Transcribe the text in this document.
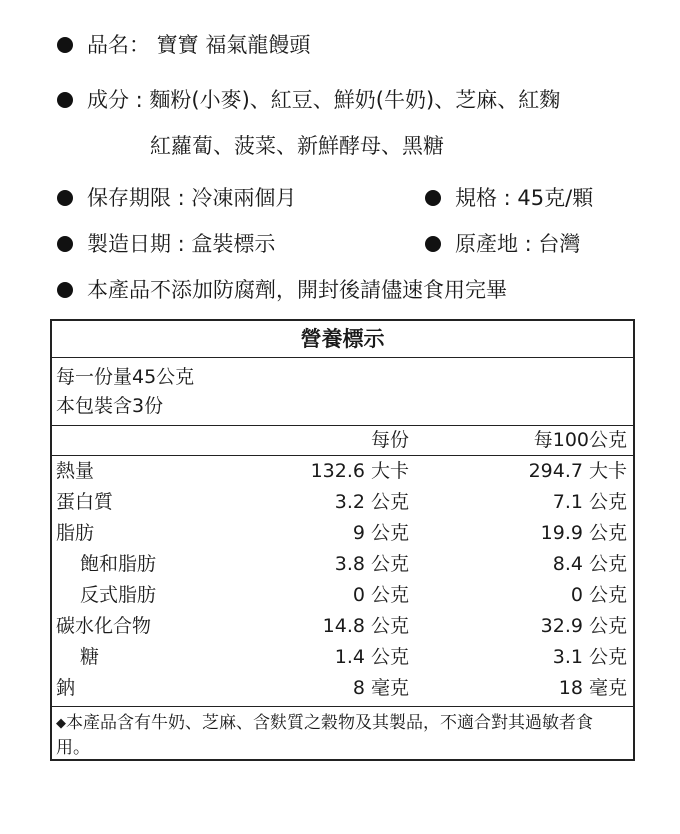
品名： 寶寶 福氣龍饅頭
成分 : 麵粉(小麥)、紅豆、鮮奶(牛奶)、芝麻、紅麴
紅蘿蔔、菠菜、新鮮酵母、黑糖
保存期限 : 冷凍兩個月	規格 : 45克/顆
製造日期 : 盒裝標示	原產地 : 台灣
本產品不添加防腐劑，開封後請儘速食用完畢
營養標示
每一份量45公克
本包裝含3份
每份	每100公克
熱量	132.6 大卡	294.7 大卡
蛋白質	3.2 公克	7.1 公克
脂肪	9 公克	19.9 公克
飽和脂肪	3.8 公克	8.4 公克
反式脂肪	0 公克	0 公克
碳水化合物	14.8 公克	32.9 公克
糖	1.4 公克	3.1 公克
鈉	8 毫克	18 毫克
◆本產品含有牛奶、芝麻、含麩質之穀物及其製品，不適合對其過敏者食用。
